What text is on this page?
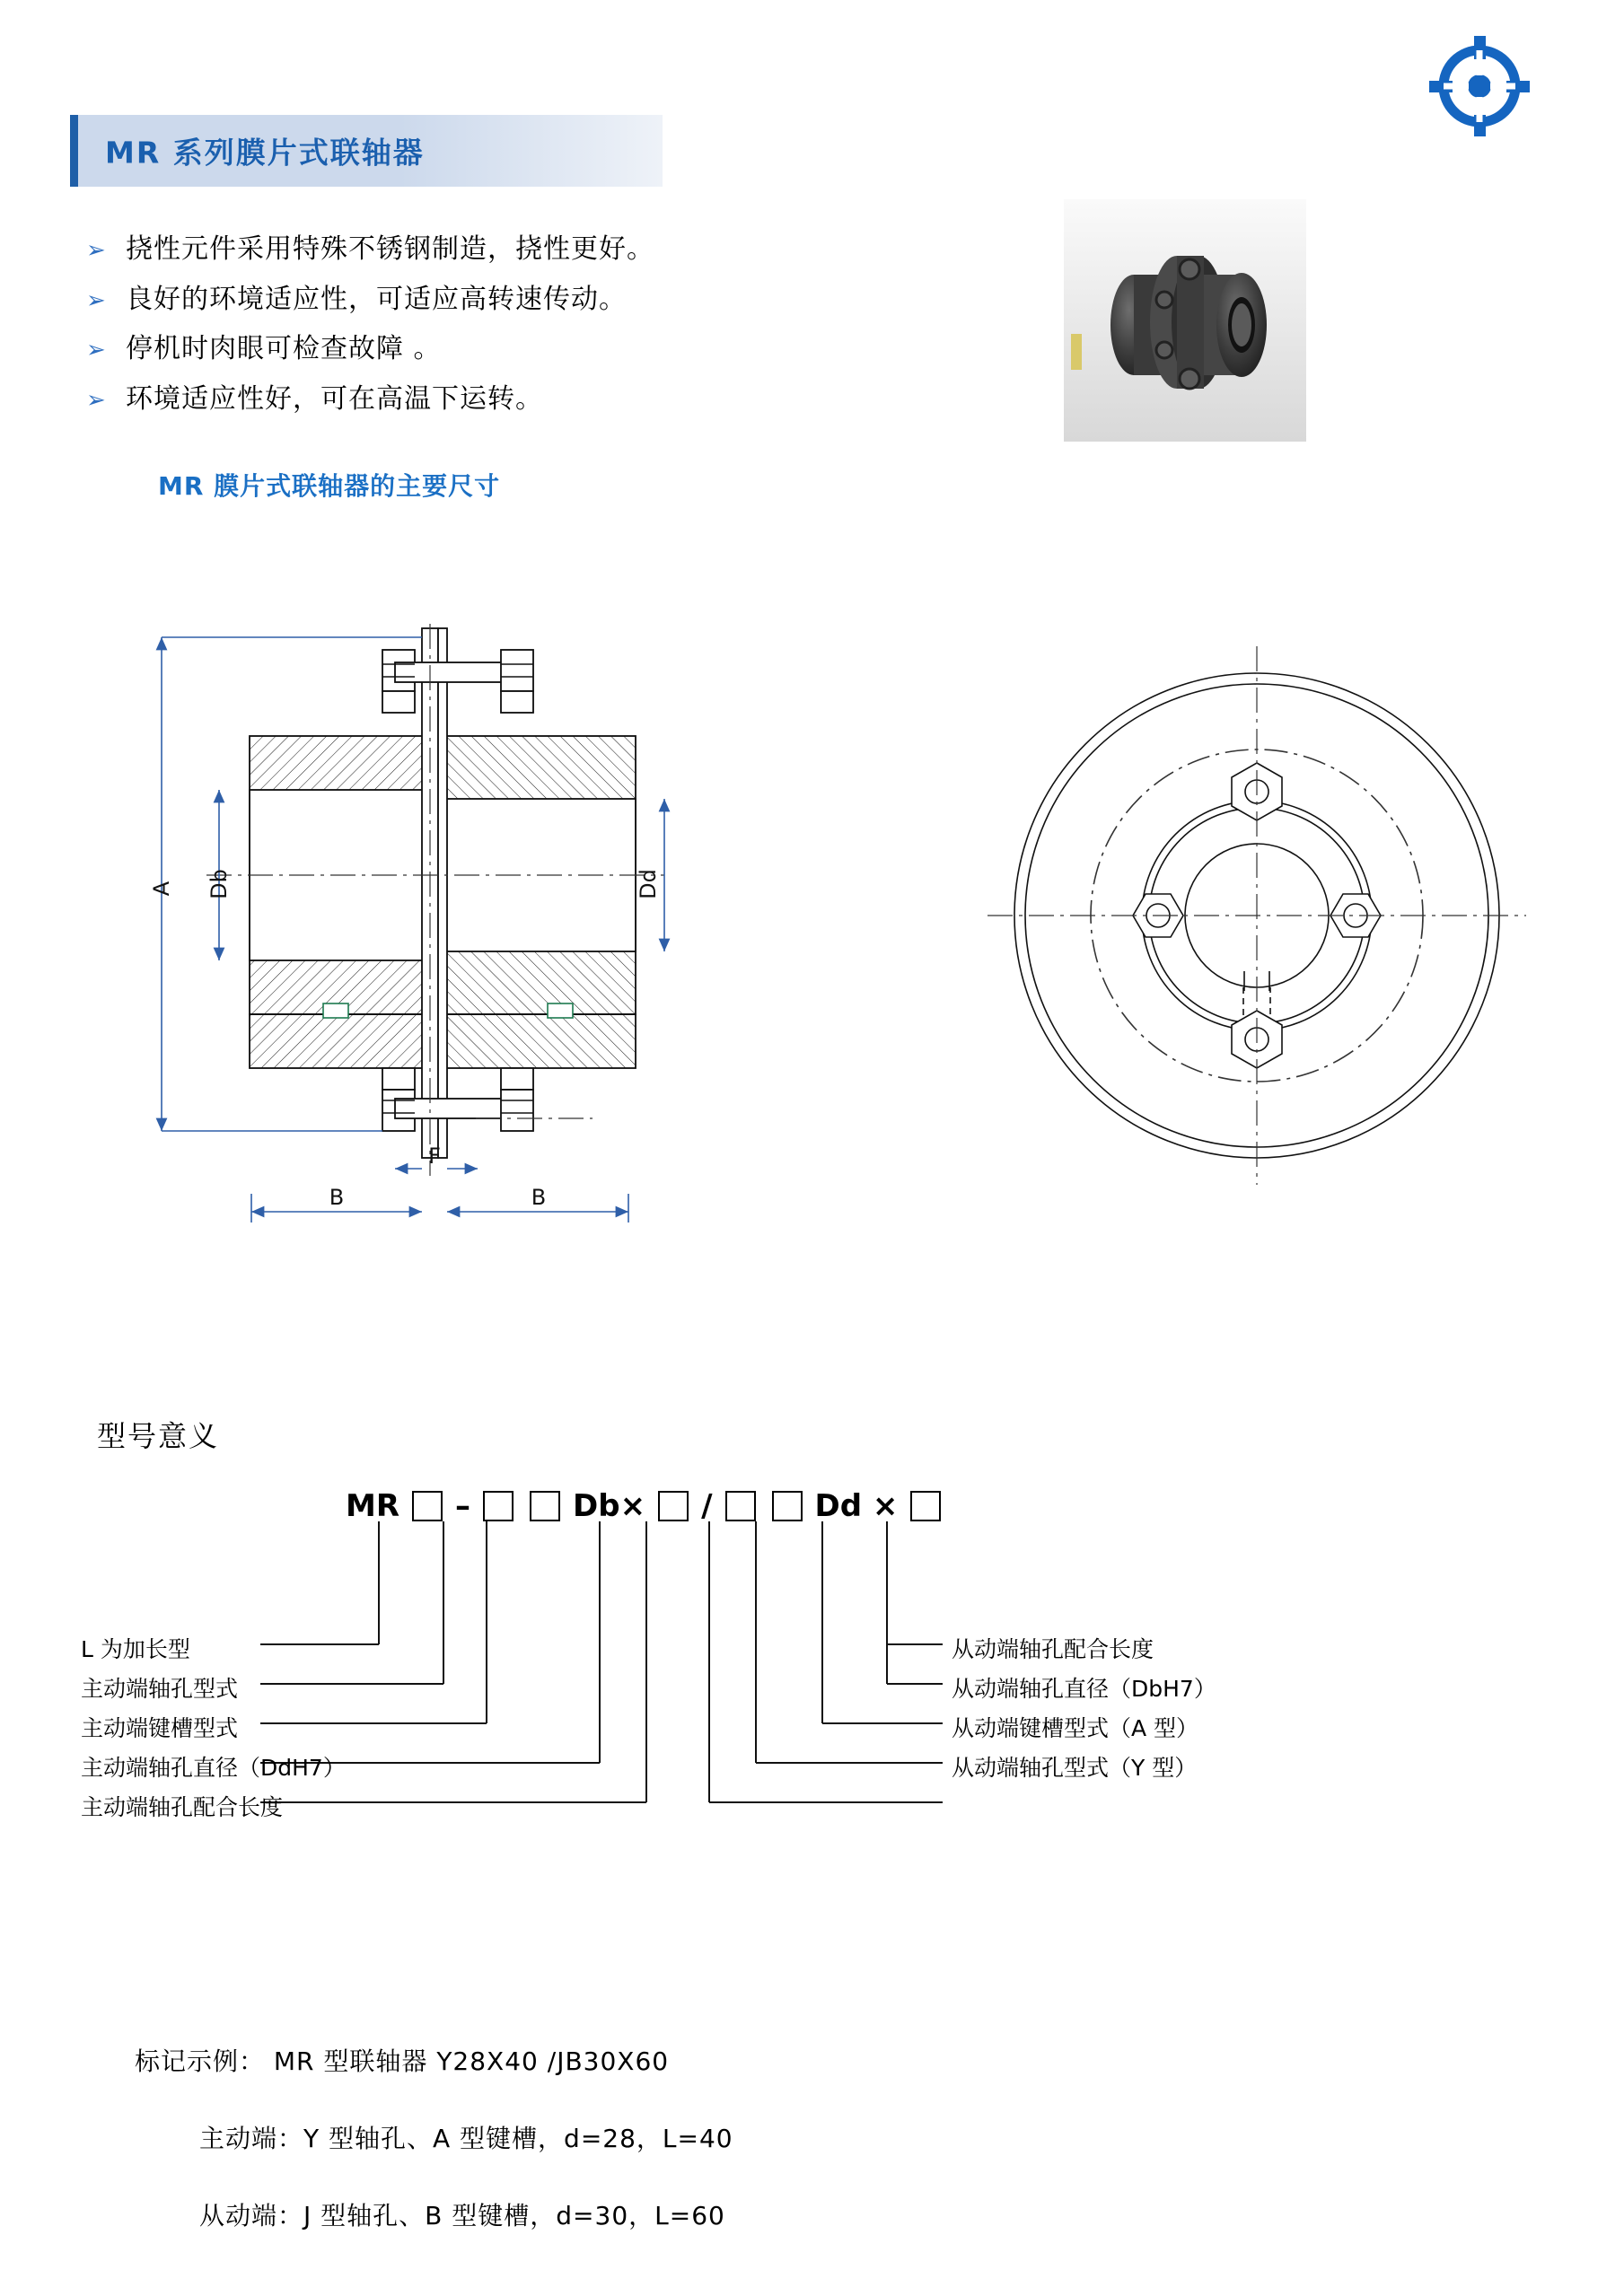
MR 系列膜片式联轴器
➢ 挠性元件采用特殊不锈钢制造，挠性更好。
➢ 良好的环境适应性，可适应高转速传动。
➢ 停机时肉眼可检查故障 。
➢ 环境适应性好，可在高温下运转。
MR 膜片式联轴器的主要尺寸
A Db	Dd
F
B	B
型号意义
MR –	Db× /	Dd ×
L 为加长型
主动端轴孔型式
主动端键槽型式
主动端轴孔直径（DdH7）
主动端轴孔配合长度
从动端轴孔配合长度
从动端轴孔直径（DbH7）
从动端键槽型式（A 型）
从动端轴孔型式（Y 型）
标记示例： MR 型联轴器 Y28X40 /JB30X60
主动端：Y 型轴孔、A 型键槽，d=28，L=40
从动端：J 型轴孔、B 型键槽，d=30，L=60
